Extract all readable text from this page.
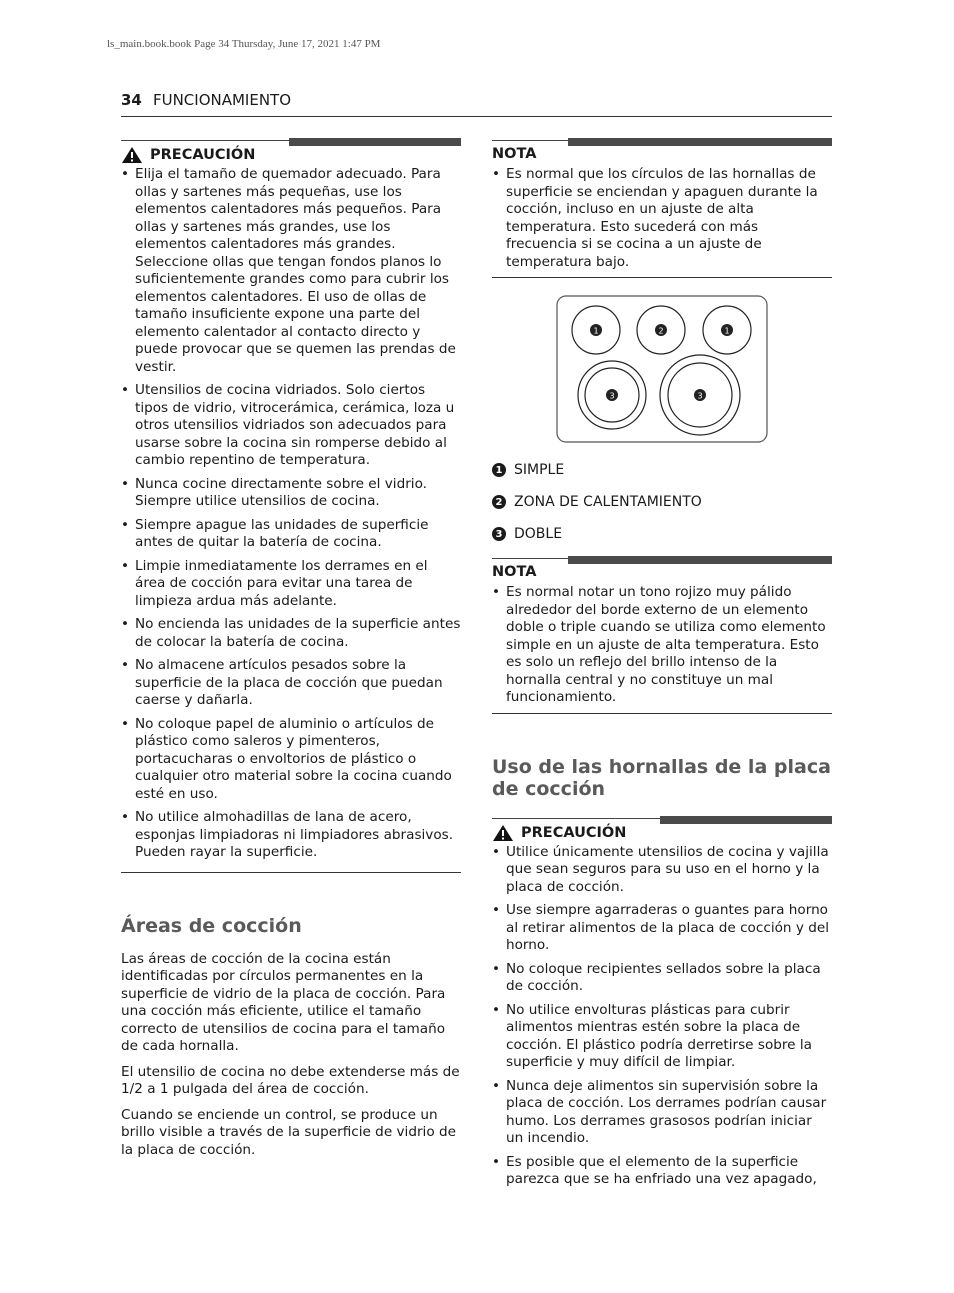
ls_main.book.book Page 34 Thursday, June 17, 2021 1:47 PM
34 FUNCIONAMIENTO
PRECAUCIÓN
• Elija el tamaño de quemador adecuado. Para ollas y sartenes más pequeñas, use los elementos calentadores más pequeños. Para ollas y sartenes más grandes, use los elementos calentadores más grandes. Seleccione ollas que tengan fondos planos lo suficientemente grandes como para cubrir los elementos calentadores. El uso de ollas de tamaño insuficiente expone una parte del elemento calentador al contacto directo y puede provocar que se quemen las prendas de vestir.
• Utensilios de cocina vidriados. Solo ciertos tipos de vidrio, vitrocerámica, cerámica, loza u otros utensilios vidriados son adecuados para usarse sobre la cocina sin romperse debido al cambio repentino de temperatura.
• Nunca cocine directamente sobre el vidrio. Siempre utilice utensilios de cocina.
• Siempre apague las unidades de superficie antes de quitar la batería de cocina.
• Limpie inmediatamente los derrames en el área de cocción para evitar una tarea de limpieza ardua más adelante.
• No encienda las unidades de la superficie antes de colocar la batería de cocina.
• No almacene artículos pesados sobre la superficie de la placa de cocción que puedan caerse y dañarla.
• No coloque papel de aluminio o artículos de plástico como saleros y pimenteros, portacucharas o envoltorios de plástico o cualquier otro material sobre la cocina cuando esté en uso.
• No utilice almohadillas de lana de acero, esponjas limpiadoras ni limpiadores abrasivos. Pueden rayar la superficie.
Áreas de cocción

Las áreas de cocción de la cocina están identificadas por círculos permanentes en la superficie de vidrio de la placa de cocción. Para una cocción más eficiente, utilice el tamaño correcto de utensilios de cocina para el tamaño de cada hornalla.

El utensilio de cocina no debe extenderse más de 1/2 a 1 pulgada del área de cocción.

Cuando se enciende un control, se produce un brillo visible a través de la superficie de vidrio de la placa de cocción.

NOTA
• Es normal que los círculos de las hornallas de superficie se enciendan y apaguen durante la cocción, incluso en un ajuste de alta temperatura. Esto sucederá con más frecuencia si se cocina a un ajuste de temperatura bajo.
1	2	1
3	3
1 SIMPLE
2 ZONA DE CALENTAMIENTO
3 DOBLE
NOTA
• Es normal notar un tono rojizo muy pálido alrededor del borde externo de un elemento doble o triple cuando se utiliza como elemento simple en un ajuste de alta temperatura. Esto es solo un reflejo del brillo intenso de la hornalla central y no constituye un mal funcionamiento.
Uso de las hornallas de la placa de cocción
PRECAUCIÓN
• Utilice únicamente utensilios de cocina y vajilla que sean seguros para su uso en el horno y la placa de cocción.
• Use siempre agarraderas o guantes para horno al retirar alimentos de la placa de cocción y del horno.
• No coloque recipientes sellados sobre la placa de cocción.
• No utilice envolturas plásticas para cubrir alimentos mientras estén sobre la placa de cocción. El plástico podría derretirse sobre la superficie y muy difícil de limpiar.
• Nunca deje alimentos sin supervisión sobre la placa de cocción. Los derrames podrían causar humo. Los derrames grasosos podrían iniciar un incendio.
• Es posible que el elemento de la superficie parezca que se ha enfriado una vez apagado,
